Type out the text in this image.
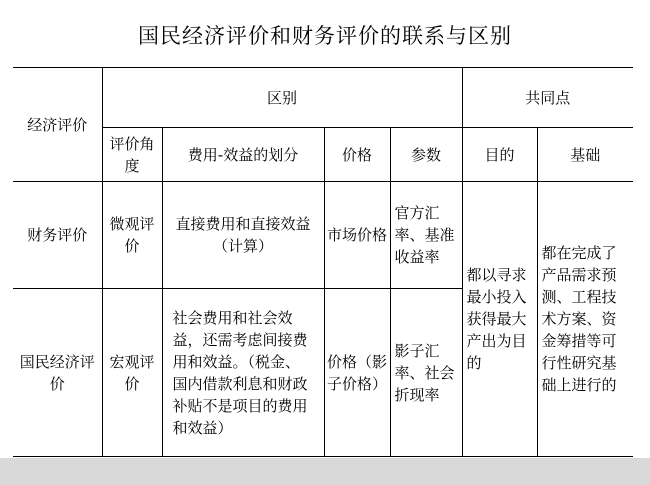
国民经济评价和财务评价的联系与区别
经济评价	区别				共同点	
	评价角度	费用-效益的划分	价格	参数	目的	基础
财务评价	微观评价	直接费用和直接效益（计算）	市场价格	官方汇率、基准收益率	都以寻求最小投入获得最大产出为目的	都在完成了产品需求预测、工程技术方案、资金筹措等可行性研究基础上进行的
国民经济评价	宏观评价	社会费用和社会效益，还需考虑间接费用和效益。（税金、国内借款利息和财政补贴不是项目的费用和效益）	价格（影子价格）	影子汇率、社会折现率		
